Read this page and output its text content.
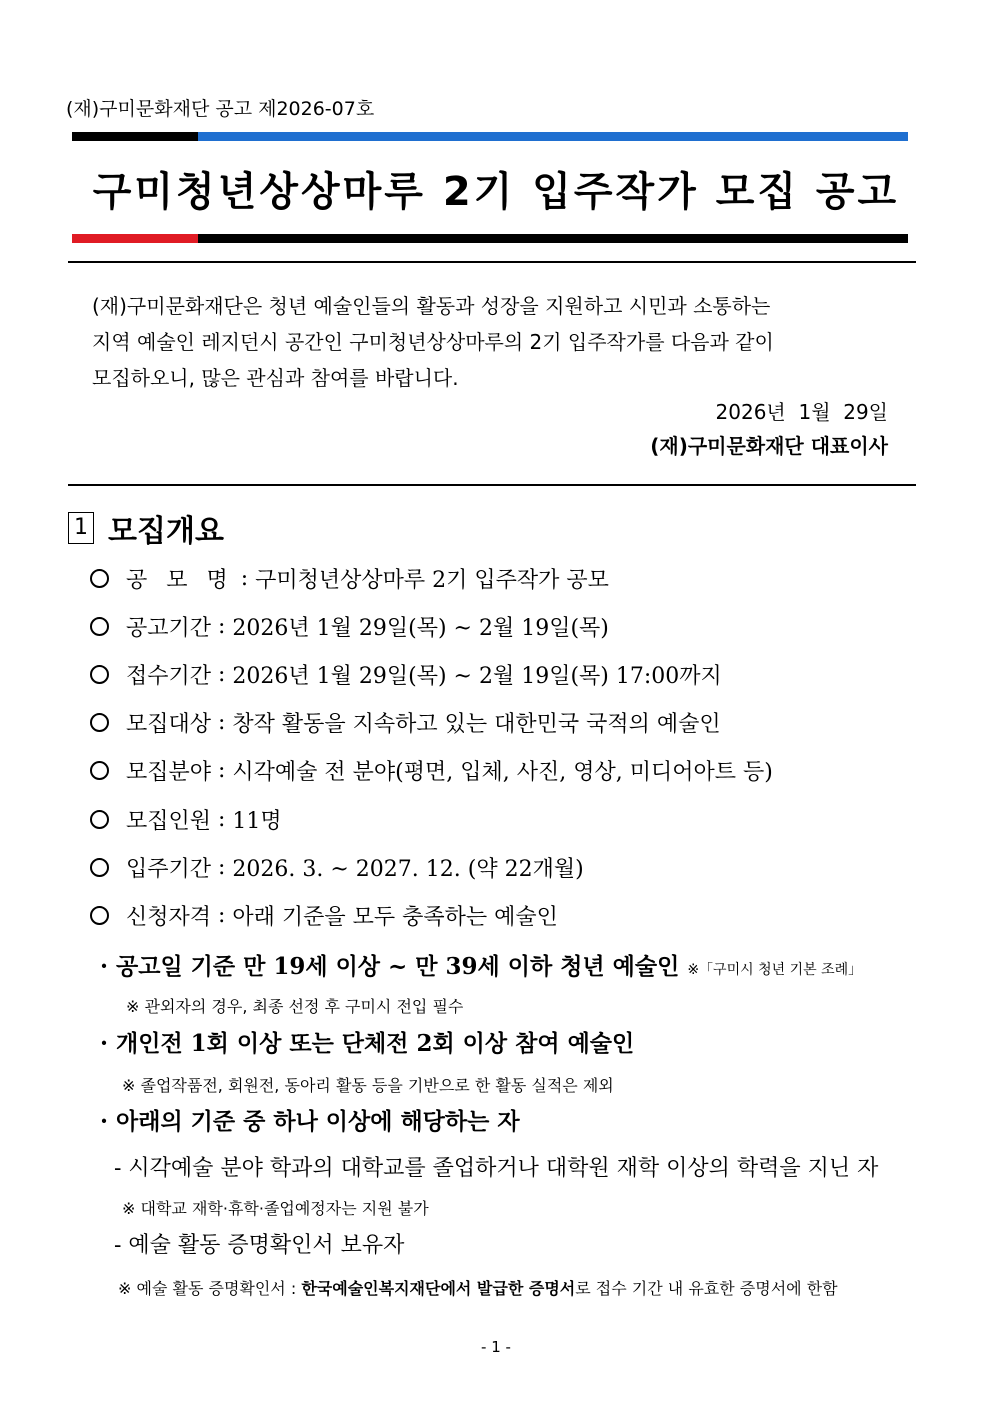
(재)구미문화재단 공고 제2026-07호
구미청년상상마루 2기 입주작가 모집 공고
(재)구미문화재단은 청년 예술인들의 활동과 성장을 지원하고 시민과 소통하는
지역 예술인 레지던시 공간인 구미청년상상마루의 2기 입주작가를 다음과 같이
모집하오니, 많은 관심과 참여를 바랍니다.
2026년  1월  29일
(재)구미문화재단 대표이사
1 모집개요
공 모 명 : 구미청년상상마루 2기 입주작가 공모
공고기간 : 2026년 1월 29일(목) ~ 2월 19일(목)
접수기간 : 2026년 1월 29일(목) ~ 2월 19일(목) 17:00까지
모집대상 : 창작 활동을 지속하고 있는 대한민국 국적의 예술인
모집분야 : 시각예술 전 분야(평면, 입체, 사진, 영상, 미디어아트 등)
모집인원 : 11명
입주기간 : 2026. 3. ~ 2027. 12. (약 22개월)
신청자격 : 아래 기준을 모두 충족하는 예술인
· 공고일 기준 만 19세 이상 ~ 만 39세 이하 청년 예술인 ※「구미시 청년 기본 조례」
※ 관외자의 경우, 최종 선정 후 구미시 전입 필수
· 개인전 1회 이상 또는 단체전 2회 이상 참여 예술인
※ 졸업작품전, 회원전, 동아리 활동 등을 기반으로 한 활동 실적은 제외
· 아래의 기준 중 하나 이상에 해당하는 자
- 시각예술 분야 학과의 대학교를 졸업하거나 대학원 재학 이상의 학력을 지닌 자
※ 대학교 재학·휴학·졸업예정자는 지원 불가
- 예술 활동 증명확인서 보유자
※ 예술 활동 증명확인서 : 한국예술인복지재단에서 발급한 증명서로 접수 기간 내 유효한 증명서에 한함
- 1 -
